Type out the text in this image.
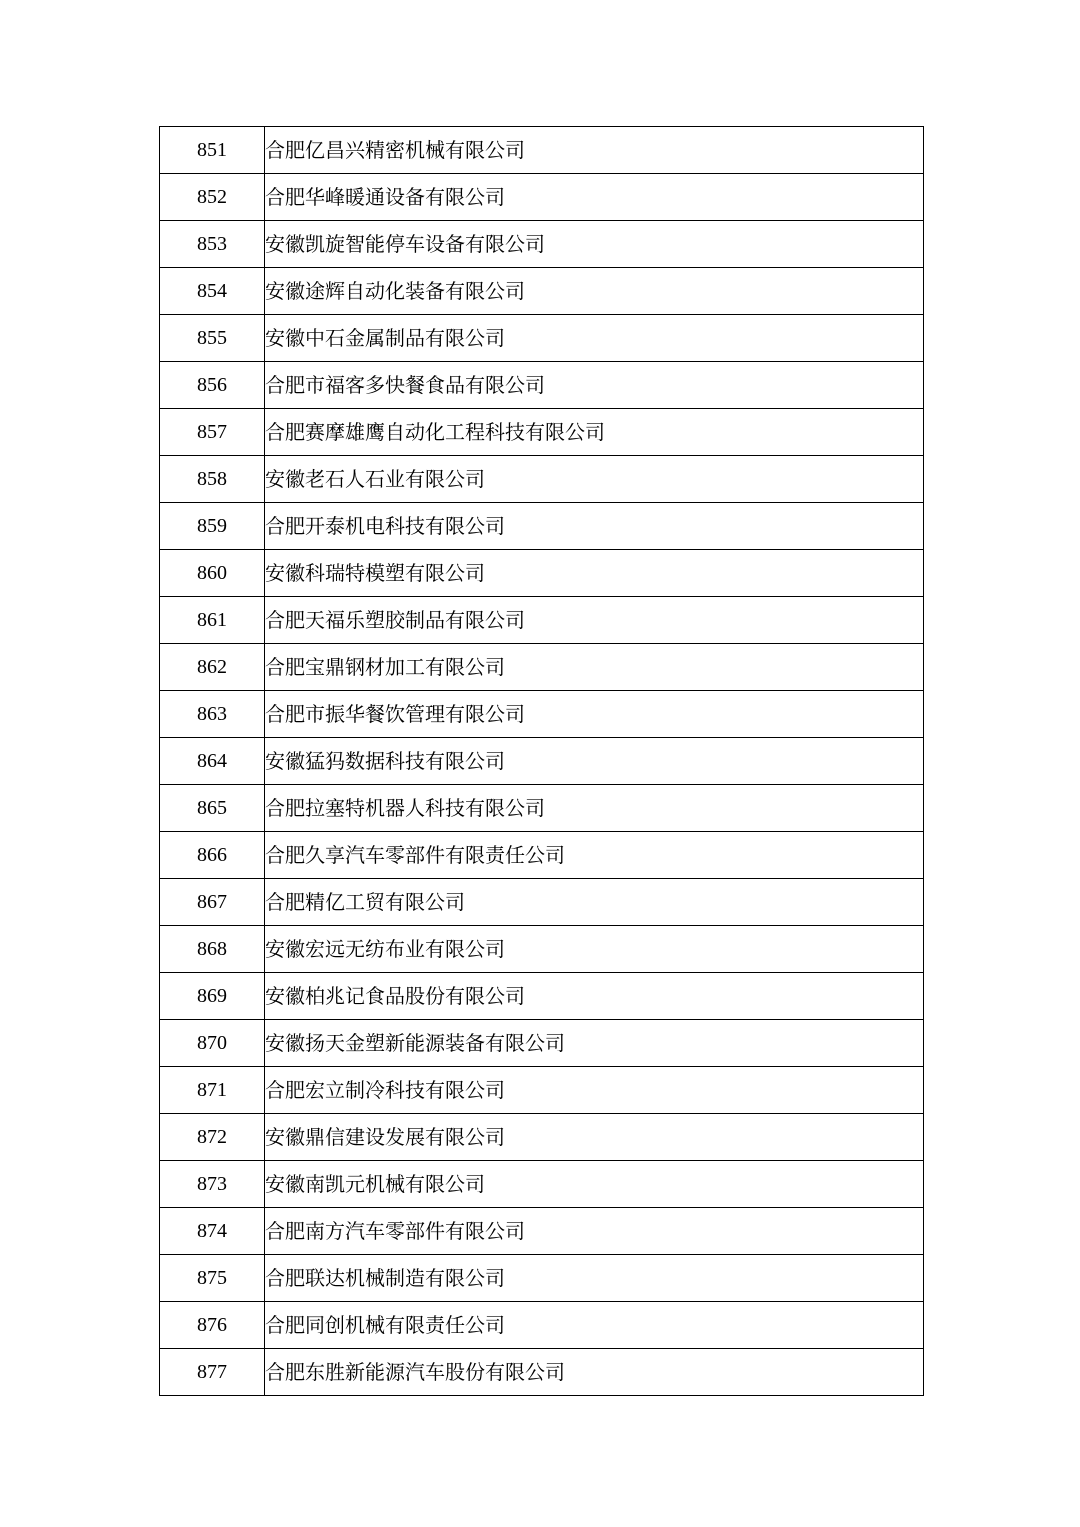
851	合肥亿昌兴精密机械有限公司
852	合肥华峰暖通设备有限公司
853	安徽凯旋智能停车设备有限公司
854	安徽途辉自动化装备有限公司
855	安徽中石金属制品有限公司
856	合肥市福客多快餐食品有限公司
857	合肥赛摩雄鹰自动化工程科技有限公司
858	安徽老石人石业有限公司
859	合肥开泰机电科技有限公司
860	安徽科瑞特模塑有限公司
861	合肥天福乐塑胶制品有限公司
862	合肥宝鼎钢材加工有限公司
863	合肥市振华餐饮管理有限公司
864	安徽猛犸数据科技有限公司
865	合肥拉塞特机器人科技有限公司
866	合肥久享汽车零部件有限责任公司
867	合肥精亿工贸有限公司
868	安徽宏远无纺布业有限公司
869	安徽柏兆记食品股份有限公司
870	安徽扬天金塑新能源装备有限公司
871	合肥宏立制冷科技有限公司
872	安徽鼎信建设发展有限公司
873	安徽南凯元机械有限公司
874	合肥南方汽车零部件有限公司
875	合肥联达机械制造有限公司
876	合肥同创机械有限责任公司
877	合肥东胜新能源汽车股份有限公司
